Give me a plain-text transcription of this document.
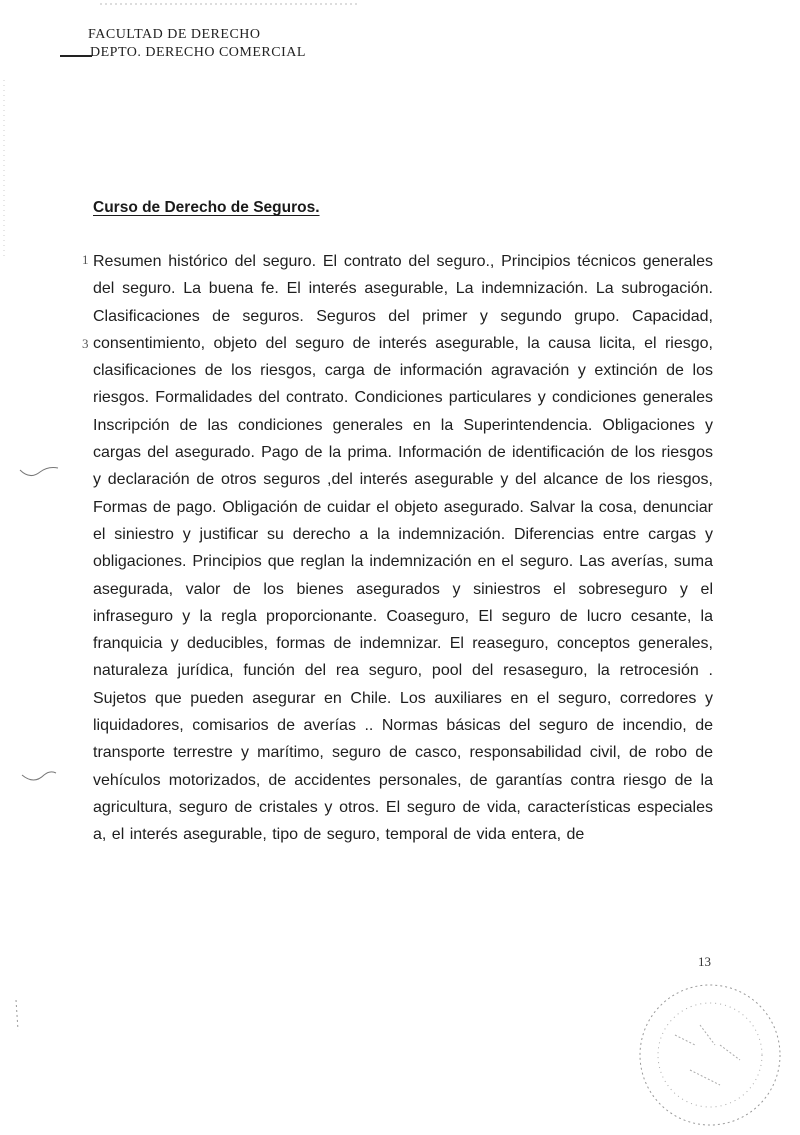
FACULTAD DE DERECHO
DEPTO. DERECHO COMERCIAL
Curso de Derecho de Seguros.
1
3
Resumen histórico del seguro. El contrato del seguro., Principios técnicos generales del seguro. La buena fe. El interés asegurable, La indemnización. La subrogación. Clasificaciones de seguros. Seguros del primer y segundo grupo. Capacidad, consentimiento, objeto del seguro de interés asegurable, la causa licita, el riesgo, clasificaciones de los riesgos, carga de información agravación y extinción de los riesgos. Formalidades del contrato. Condiciones particulares y condiciones generales Inscripción de las condiciones generales en la Superintendencia. Obligaciones y cargas del asegurado. Pago de la prima. Información de identificación de los riesgos y declaración de otros seguros ,del interés asegurable y del alcance de los riesgos, Formas de pago. Obligación de cuidar el objeto asegurado. Salvar la cosa, denunciar el siniestro y justificar su derecho a la indemnización. Diferencias entre cargas y obligaciones. Principios que reglan la indemnización en el seguro. Las averías, suma asegurada, valor de los bienes asegurados y siniestros el sobreseguro y el infraseguro y la regla proporcionante. Coaseguro, El seguro de lucro cesante, la franquicia y deducibles, formas de indemnizar. El reaseguro, conceptos generales, naturaleza jurídica, función del rea seguro, pool del resaseguro, la retrocesión . Sujetos que pueden asegurar en Chile. Los auxiliares en el seguro, corredores y liquidadores, comisarios de averías .. Normas básicas del seguro de incendio, de transporte terrestre y marítimo, seguro de casco, responsabilidad civil, de robo de vehículos motorizados, de accidentes personales, de garantías contra riesgo de la agricultura, seguro de cristales y otros. El seguro de vida, características especiales a, el interés asegurable, tipo de seguro, temporal de vida entera, de
13
